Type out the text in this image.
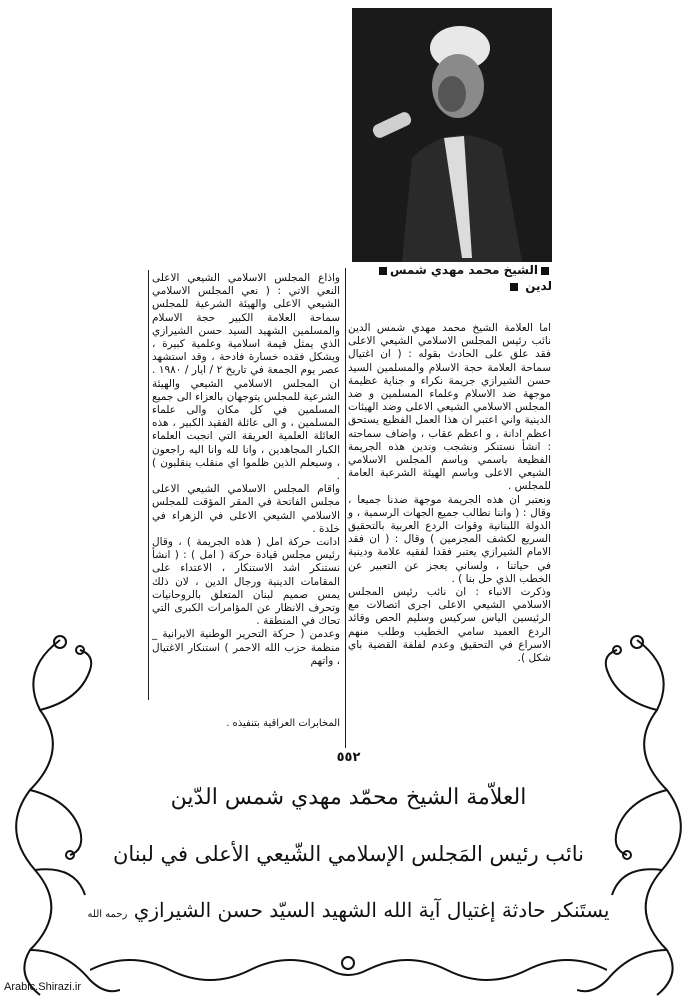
الشيخ محمد مهدي شمس
لدين

اما العلامة الشيخ محمد مهدي شمس الدين نائب رئيس المجلس الاسلامي الشيعي الاعلى فقد علق على الحادث بقوله : ( ان اغتيال سماحة العلامة حجة الاسلام والمسلمين السيد حسن الشيرازي جريمة نكراء و جناية عظيمة موجهة ضد الاسلام وعلماء المسلمين و ضد المجلس الاسلامي الشيعي الاعلى وضد الهيئات الدينية واني اعتبر ان هذا العمل الفظيع يستحق اعظم ادانة ، و اعظم عقاب ، واضاف سماحته : انشأ نستنكر ونشجب وندين هذه الجريمة الفظيعة باسمي وباسم المجلس الاسلامي الشيعي الاعلى وباسم الهيئة الشرعية العامة للمجلس .

ونعتبر ان هذه الجريمة موجهة ضدنا جميعا ، وقال : ( واننا نطالب جميع الجهات الرسمية ، و الدولة اللبنانية وقوات الردع العربية بالتحقيق السريع لكشف المجرمين ) وقال : ( ان فقد الامام الشيرازي يعتبر فقدا لفقيه علامة ودينية في حياتنا ، ولساني يعجز عن التعبير عن الخطب الذي حل بنا ) .

وذكرت الانباء : ان نائب رئيس المجلس الاسلامي الشيعي الاعلى اجرى اتصالات مع الرئيسين الياس سركيس وسليم الحص وقائد الردع العميد سامي الخطيب وطلب منهم الاسراع في التحقيق وعدم لفلفة القضية باي شكل ).

واذاع المجلس الاسلامي الشيعي الاعلى النعي الاتي : ( نعي المجلس الاسلامي الشيعي الاعلى والهيئة الشرعية للمجلس سماحة العلامة الكبير حجة الاسلام والمسلمين الشهيد السيد حسن الشيرازي الذي يمثل قيمة اسلامية وعلمية كبيرة ، ويشكل فقده خسارة فادحة ، وقد استشهد عصر يوم الجمعة في تاريخ ٢ / ايار / ١٩٨٠ . ان المجلس الاسلامي الشيعي والهيئة الشرعية للمجلس يتوجهان بالعزاء الى جميع المسلمين في كل مكان والى علماء المسلمين ، و الى عائلة الفقيد الكبير ، هذه العائلة العلمية العريقة التي انجبت العلماء الكبار المجاهدين ، وانا لله وانا اليه راجعون ، وسيعلم الذين ظلموا اي منقلب ينقلبون ) .

واقام المجلس الاسلامي الشيعي الاعلى مجلس الفاتحة في المقر المؤقت للمجلس الاسلامي الشيعي الاعلى في الزهراء في خلدة .

ادانت حركة امل ( هذه الجريمة ) ، وقال رئيس مجلس قيادة حركة ( امل ) : ( انشأ نستنكر اشد الاستنكار ، الاعتداء على المقامات الدينية ورجال الدين ، لان ذلك يمس صميم لبنان المتعلق بالروحانيات وتحرف الانظار عن المؤامرات الكبرى التي تحاك في المنطقة .

وعدمن ( حركة التحرير الوطنية الايرانية _ منظمة حزب الله الاحمر ) استنكار الاغتيال ، واتهم

المخابرات العراقية بتنفيذه .
٥٥٢
العلاّمة الشيخ محمّد مهدي شمس الدّين
نائب رئيس المَجلس الإسلامي الشّيعي الأعلى في لبنان
يستَنكر حادثة إغتيال آية الله الشهيد السيّد حسن الشيرازي رحمه الله
Arabic.Shirazi.ir
